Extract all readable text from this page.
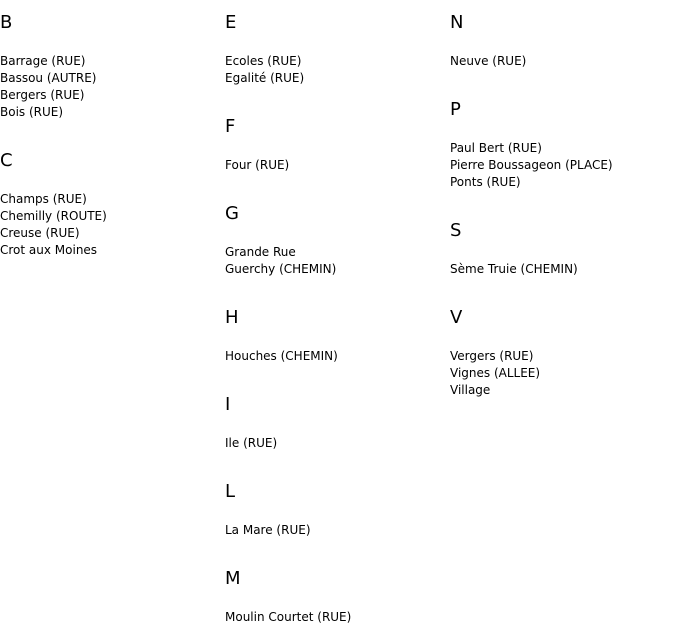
B
Barrage (RUE)
Bassou (AUTRE)
Bergers (RUE)
Bois (RUE)
C
Champs (RUE)
Chemilly (ROUTE)
Creuse (RUE)
Crot aux Moines
E
Ecoles (RUE)
Egalité (RUE)
F
Four (RUE)
G
Grande Rue
Guerchy (CHEMIN)
H
Houches (CHEMIN)
I
Ile (RUE)
L
La Mare (RUE)
M
Moulin Courtet (RUE)
N
Neuve (RUE)
P
Paul Bert (RUE)
Pierre Boussageon (PLACE)
Ponts (RUE)
S
Sème Truie (CHEMIN)
V
Vergers (RUE)
Vignes (ALLEE)
Village
